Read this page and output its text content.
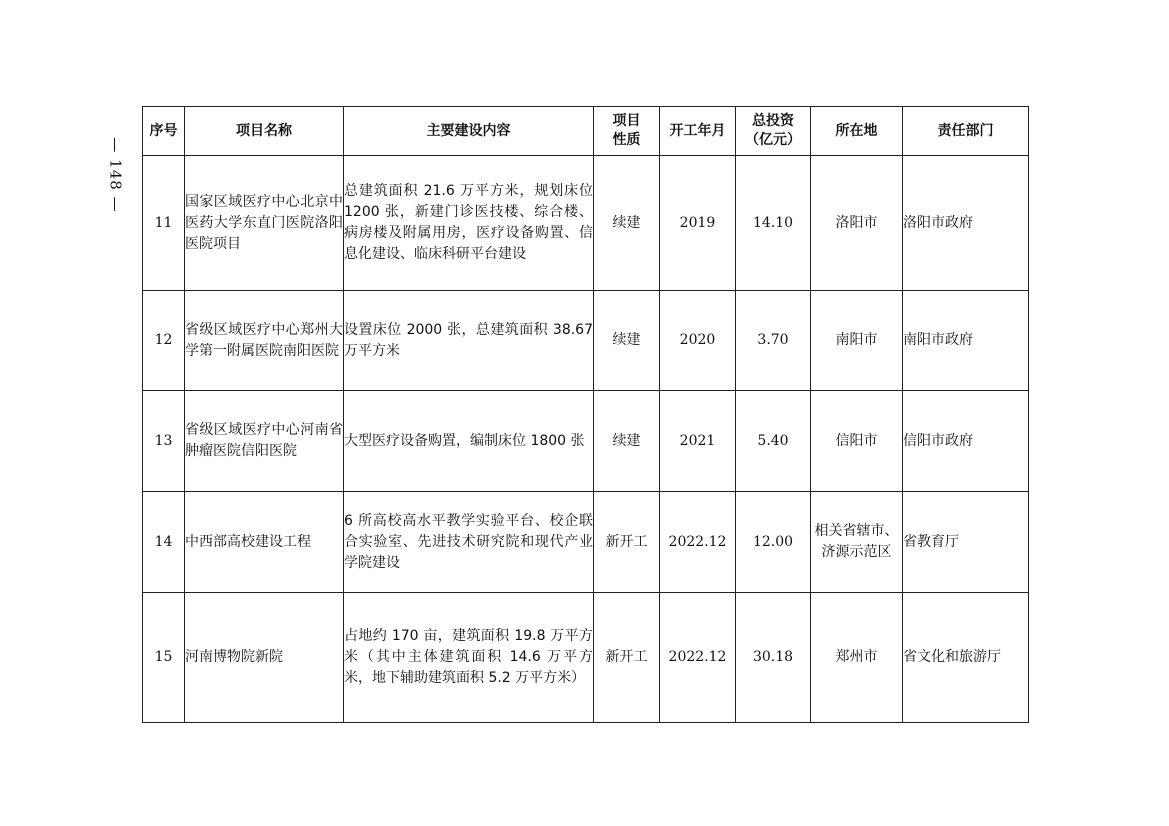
— 148 —
序号	项目名称	主要建设内容	项目性质	开工年月	总投资（亿元）	所在地	责任部门
11	国家区域医疗中心北京中医药大学东直门医院洛阳医院项目	总建筑面积 21.6 万平方米，规划床位 1200 张，新建门诊医技楼、综合楼、病房楼及附属用房，医疗设备购置、信息化建设、临床科研平台建设	续建	2019	14.10	洛阳市	洛阳市政府
12	省级区域医疗中心郑州大学第一附属医院南阳医院	设置床位 2000 张，总建筑面积 38.67 万平方米	续建	2020	3.70	南阳市	南阳市政府
13	省级区域医疗中心河南省肿瘤医院信阳医院	大型医疗设备购置，编制床位 1800 张	续建	2021	5.40	信阳市	信阳市政府
14	中西部高校建设工程	6 所高校高水平教学实验平台、校企联合实验室、先进技术研究院和现代产业学院建设	新开工	2022.12	12.00	相关省辖市、济源示范区	省教育厅
15	河南博物院新院	占地约 170 亩，建筑面积 19.8 万平方米（其中主体建筑面积 14.6 万平方米，地下辅助建筑面积 5.2 万平方米）	新开工	2022.12	30.18	郑州市	省文化和旅游厅
